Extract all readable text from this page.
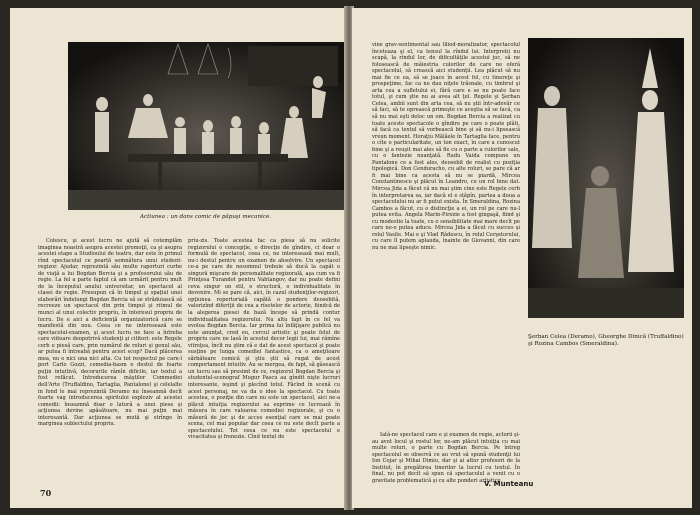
Actiunea : un dans comic de păpuşi mecanice.

Cotescu, şi acest lucru ne ajută să cotemplăm imaginea noastră asupra acestei promoţii, ca şi asupra acestei etape a Studioului de teatru, dar este în primul rînd spectacolul ce poartă semnătura unui student-regizor. Ajudar, reprezintă său multe raporturi curbe de viaţă a lui Bogdan Bercia şi a profesorului său de regie. La fel a parte faptul că am urmărit pentru mult de la începutul anului universitar, un spectacol al clasei de regie. Presupun că în timpul şi spaţiul unei elaborări îndelungi Bogdan Bercia să se străduiască să recreeze un spectacol din prin timpul şi ritmul de munci al unui colectiv propriu, în interesul propriu de lucru. De e aici a deficienţă organizatorică care se manifestă din nou. Ceea ce ne interesează este spectacolul-examen, şi acest lucru ne face a întreba care viitoare deopotrivă studenţi şi cititori: este Regele cerb o piesă care, prin numărul de roluri şi genul său, ar putea fi întreabă pentru acest scop? Dacă plăcerea mea, nu e nici una nici alta. Cu tot respectul pe care-l port Carlo Gozzi, comedia-basm e destul de foarte puţin intuitivă, decorurile rămîn dificile, iar textul a fost refăcut. Introducerea măştilor Commediei dell'Arte (Truffaldino, Tartaglia, Pantalone) şi celelalte in fond le mai reprezintă Deramo nu înseamnă decît foarte vag introducerea spiritului exploziv al acestei comedii: înseamnă doar o latură a unei piese şi acţiunea devine apăsătoare, nu mai puţin mai interesantă. Dar acţiunea se mută şi strînge în marginea subiectului propriu.

priu-zis. Toate acestea fac ca piesa să nu solicite regizorului o concepţie, o direcţie de gîndire, ci doar o formulă de spectacol, ceea ce, ne interesează mai mult, nu-i destul pentru un examen de absolvire. Un spectacol ce-a pe care de nesomnul trebuie să ducă la capăt o singură mişcare de personalitate regizorală, aşa cum va fi Prinţesa Turandot pentru Vahtangov, dar nu poate defini ceva singur un stil, o structură, o individualitate în devenire. Mi se pare că, aici, în cazul studenţilor-regizori, opţiunea repertorială capătă o pondere deosebită, valorizînd diferiţii de cea a rîsetelor de actorie, fiindcă de la alegerea piesei de bază începe să prindă contur individualitatea regizorului. Nu altu fapt în ce fel va evolua Bogdan Bercia. Iar prima lui înfăţişare publică nu este anunţat, cred eu, cercul artistic şi poate felul de propriu care ne lasă în acestui decor legii lui, mai rămîne vitreţea, încît nu ştim că e dat de acest spectacol şi poate susţine pe lunga comediei fantastice, ca o ameţitoare sărbătoare comică şi ştiu ştii să rugat de acest comportament intuitiv. Au se mergea, de fapt, să găsească un lucru sau să presimt de ce, regizorul Bogdan Bercia şi studentul-scenograf Mugur Pascu au gîndit nişte lucruri interesante, ieşind şi plecînd totul. Făcînd în scenă cu acest personaj, ne va da o idee la spectacol. Cu toate acestea, o poziţie din care nu este un spectacol, aici ne-a plăcut intuiţia regizorului sa exprime ce lucrează în măsura în care valoarea comediei regizorale, şi cu o măsură de joc şi de acces esenţial care se mai poate scena, cel mai popular dar ceea ce nu este decît parte a spectacolului. Tot ceea ce nu este spectacolul e vivacitatea şi frenezie. Cînd textul de

70

vine grav-sentimental sau liliod-moralizator, spectacolul înceteaza şi el, ca tensul la rîndul lui. Interpretii nu scapă, la rîndul lor, de dificultăţile acestui joc, să ne folosească de măiestria culorilor de care ne oferă spectacolul, să crească aici studenţii. Lea plăcut să nu mai fie ce ea, să se joace în acest fel, cu tinereţe şi prospeţime, fac ca ne dau niţele trăsnale, cu timbrul şi arta cea a sufletului ei, fără care e se nu poate face totul, şi cum ştie nu ai avea alt ţel. Regele şi Şerban Celea, ambii sunt din arta cea, să nu ştii într-adevăr ce să faci, să te oprească primeşte ce aceştia să se facă, ca să nu mai eşti deloc un om. Bogdan Bercia a realizat cu toate aceste spectacole o gîndire pe care o poate plăti, să facă ca textul să vorbească bine şi să nu-i lipsească vreun moment. Horaţiu Mălăele în Tartaglia face, pentru o cîte o particularitate, un ton exact, în care a cunoscut bine şi a reuşit mai ales să fie cu o parte a culorilor sale, cu o fantezie nuanţată. Radu Vaida compune un Pantalone ce a fost ales, deosebit de realist cu poziţia tipologică. Don Cenduracho, cu alte roluri, se pare că ar fi mai bine ca acesta să nu se piardă, Mircea Constantinescu şi plăcut în Leandro, cu un rol bine dat. Mircea Jida a făcut că nu mai ştim cine este Regele cerb în interpretarea sa, iar dacă el e stăpîn, partea a doua a spectacolului nu ar fi putut exista. În Smeraldina, Rozina Cambos a făcut, cu o distincţie a ei, un rol pe care nu-l putea evita. Angela Marin-Pirozie a fost gingaşă, fiind şi cu modestie la toate, cu o sensibilitate mai mare decît pe care ne-o putea aduce. Mircea Jida a făcut cu succes şi rolul Vasile. Mai e şi Vlad Rădescu, în rolul Cerşetorului, cu care îl putem aplauda, înainte de Giovanni, din care nu ne mai lipseşte nimic.

Şerban Celea (Deramo), Gheorghe Dinică (Truffaldino) şi Rozina Cambos (Smeraldina).

Iată-ne spectacol care e şi examen de regie, actorii şi-au avut locul şi rostul lor, ne-am plăcut intuiţia cu mai multe roluri, o parte cu Bogdan Bercia. Pe întreg spectacolul se observă ce au vrut să spună studenţii lui Ion Cojar şi Mihai Dimiu, dar şi ai altor profesori de la Institut, în pregătirea tinerilor la lucrul cu textul. În final, nu pot decît să spun că spectacolul a venit cu o gravitate problematică şi cu alte ponderi artistice.

V. Munteanu
